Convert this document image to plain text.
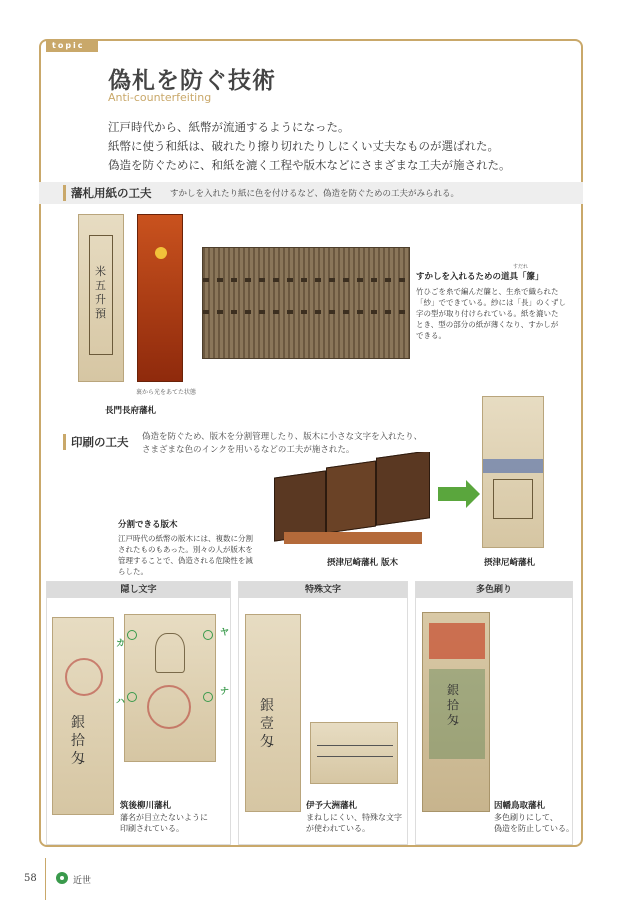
topic
偽札を防ぐ技術
Anti-counterfeiting
江戸時代から、紙幣が流通するようになった。
紙幣に使う和紙は、破れたり擦り切れたりしにくい丈夫なものが選ばれた。
偽造を防ぐために、和紙を漉く工程や版木などにさまざまな工夫が施された。
藩札用紙の工夫 すかしを入れたり紙に色を付けるなど、偽造を防ぐための工夫がみられる。
米
五
升
預
裏から光をあてた状態
長門長府藩札
すだれ
すかしを入れるための道具「簾」
竹ひごを糸で編んだ簾と、生糸で織られた
「紗」でできている。紗には「長」のくずし
字の型が取り付けられている。紙を漉いた
とき、型の部分の紙が薄くなり、すかしが
できる。
印刷の工夫 偽造を防ぐため、版木を分割管理したり、版木に小さな文字を入れたり、
さまざまな色のインクを用いるなどの工夫が施された。
分割できる版木
江戸時代の紙幣の版木には、複数に分割
されたものもあった。別々の人が版木を
管理することで、偽造される危険性を減
らした。
摂津尼崎藩札 版木	摂津尼崎藩札
隠し文字	特殊文字	多色刷り
銀
拾
匁
カ
ハ
ヤ
ナ
筑後柳川藩札
藩名が目立たないように
印刷されている。
銀
壹
匁
伊予大洲藩札
まねしにくい、特殊な文字
が使われている。
銀
拾
匁
因幡鳥取藩札
多色刷りにして、
偽造を防止している。
58	近世
